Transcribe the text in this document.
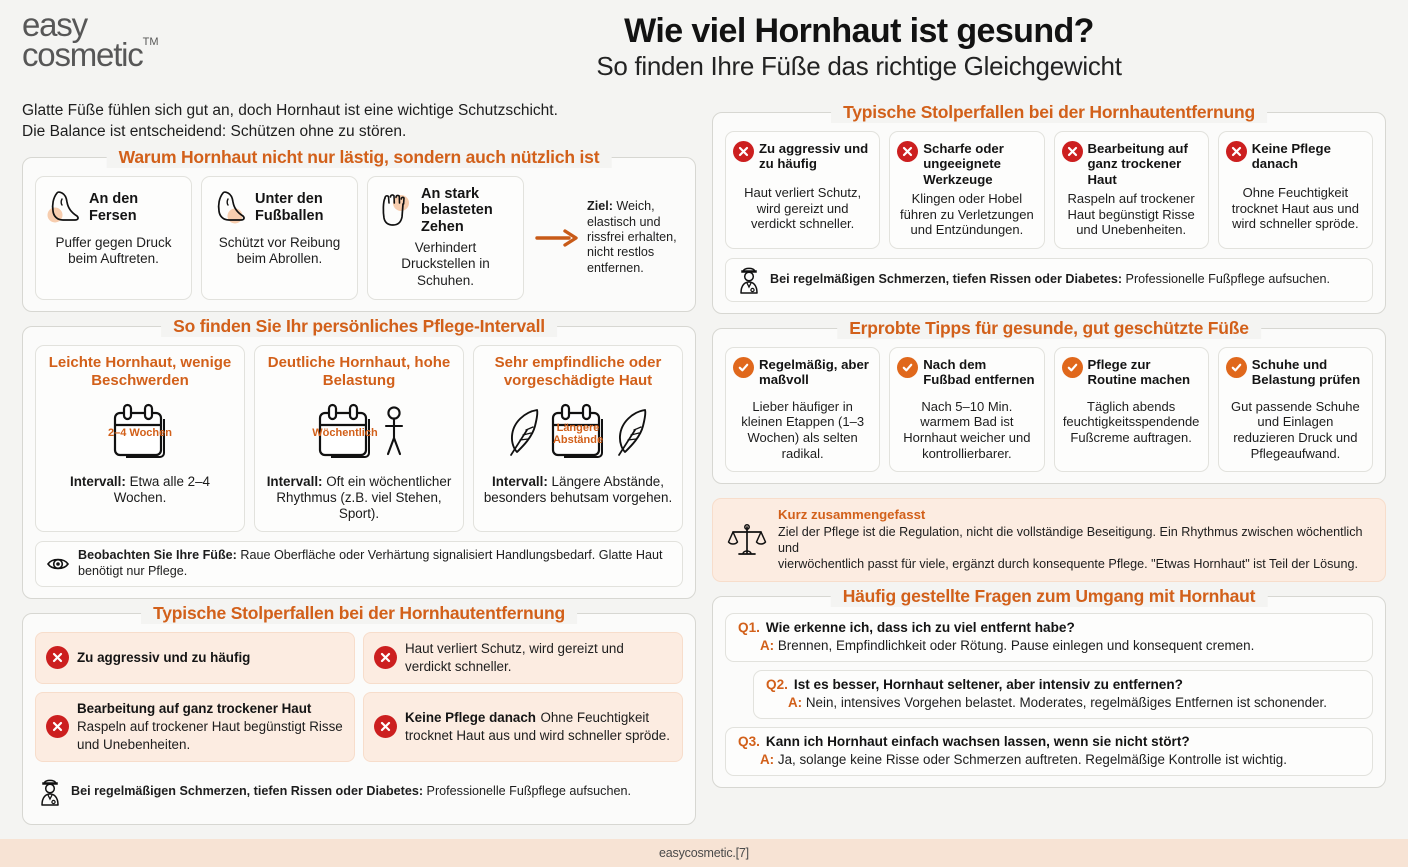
easy
cosmetic™	Wie viel Hornhaut ist gesund?
So finden Ihre Füße das richtige Gleichgewicht
Glatte Füße fühlen sich gut an, doch Hornhaut ist eine wichtige Schutzschicht.
Die Balance ist entscheidend: Schützen ohne zu stören.
Warum Hornhaut nicht nur lästig, sondern auch nützlich ist
An den Fersen
Puffer gegen Druck beim Auftreten.
Unter den Fußballen
Schützt vor Reibung beim Abrollen.
An stark belasteten Zehen
Verhindert Druckstellen in Schuhen.
Ziel: Weich, elastisch und rissfrei erhalten, nicht restlos entfernen.
So finden Sie Ihr persönliches Pflege-Intervall
Leichte Hornhaut, wenige Beschwerden
2–4 Wochen
Intervall: Etwa alle 2–4 Wochen.
Deutliche Hornhaut, hohe Belastung
Wöchentlich
Intervall: Oft ein wöchentlicher Rhythmus (z.B. viel Stehen, Sport).
Sehr empfindliche oder vorgeschädigte Haut
Längere Abstände
Intervall: Längere Abstände, besonders behutsam vorgehen.
Beobachten Sie Ihre Füße: Raue Oberfläche oder Verhärtung signalisiert Handlungsbedarf. Glatte Haut benötigt nur Pflege.
Typische Stolperfallen bei der Hornhautentfernung
Zu aggressiv und zu häufig
Haut verliert Schutz, wird gereizt und verdickt schneller.
Bearbeitung auf ganz trockener Haut Raspeln auf trockener Haut begünstigt Risse und Unebenheiten.
Keine Pflege danach Ohne Feuchtigkeit trocknet Haut aus und wird schneller spröde.
Bei regelmäßigen Schmerzen, tiefen Rissen oder Diabetes: Professionelle Fußpflege aufsuchen.
Typische Stolperfallen bei der Hornhautentfernung
Zu aggressiv und zu häufig
Haut verliert Schutz, wird gereizt und verdickt schneller.
Scharfe oder ungeeignete Werkzeuge
Klingen oder Hobel führen zu Verletzungen und Entzündungen.
Bearbeitung auf ganz trockener Haut
Raspeln auf trockener Haut begünstigt Risse und Unebenheiten.
Keine Pflege danach
Ohne Feuchtigkeit trocknet Haut aus und wird schneller spröde.
Bei regelmäßigen Schmerzen, tiefen Rissen oder Diabetes: Professionelle Fußpflege aufsuchen.
Erprobte Tipps für gesunde, gut geschützte Füße
Regelmäßig, aber maßvoll
Lieber häufiger in kleinen Etappen (1–3 Wochen) als selten radikal.
Nach dem Fußbad entfernen
Nach 5–10 Min. warmem Bad ist Hornhaut weicher und kontrollierbarer.
Pflege zur Routine machen
Täglich abends feuchtigkeitsspendende Fußcreme auftragen.
Schuhe und Belastung prüfen
Gut passende Schuhe und Einlagen reduzieren Druck und Pflegeaufwand.
Kurz zusammengefasst
Ziel der Pflege ist die Regulation, nicht die vollständige Beseitigung. Ein Rhythmus zwischen wöchentlich und
vierwöchentlich passt für viele, ergänzt durch konsequente Pflege. "Etwas Hornhaut" ist Teil der Lösung.
Häufig gestellte Fragen zum Umgang mit Hornhaut
Q1. Wie erkenne ich, dass ich zu viel entfernt habe?
A: Brennen, Empfindlichkeit oder Rötung. Pause einlegen und konsequent cremen.
Q2. Ist es besser, Hornhaut seltener, aber intensiv zu entfernen?
A: Nein, intensives Vorgehen belastet. Moderates, regelmäßiges Entfernen ist schonender.
Q3. Kann ich Hornhaut einfach wachsen lassen, wenn sie nicht stört?
A: Ja, solange keine Risse oder Schmerzen auftreten. Regelmäßige Kontrolle ist wichtig.
easycosmetic.[7]
